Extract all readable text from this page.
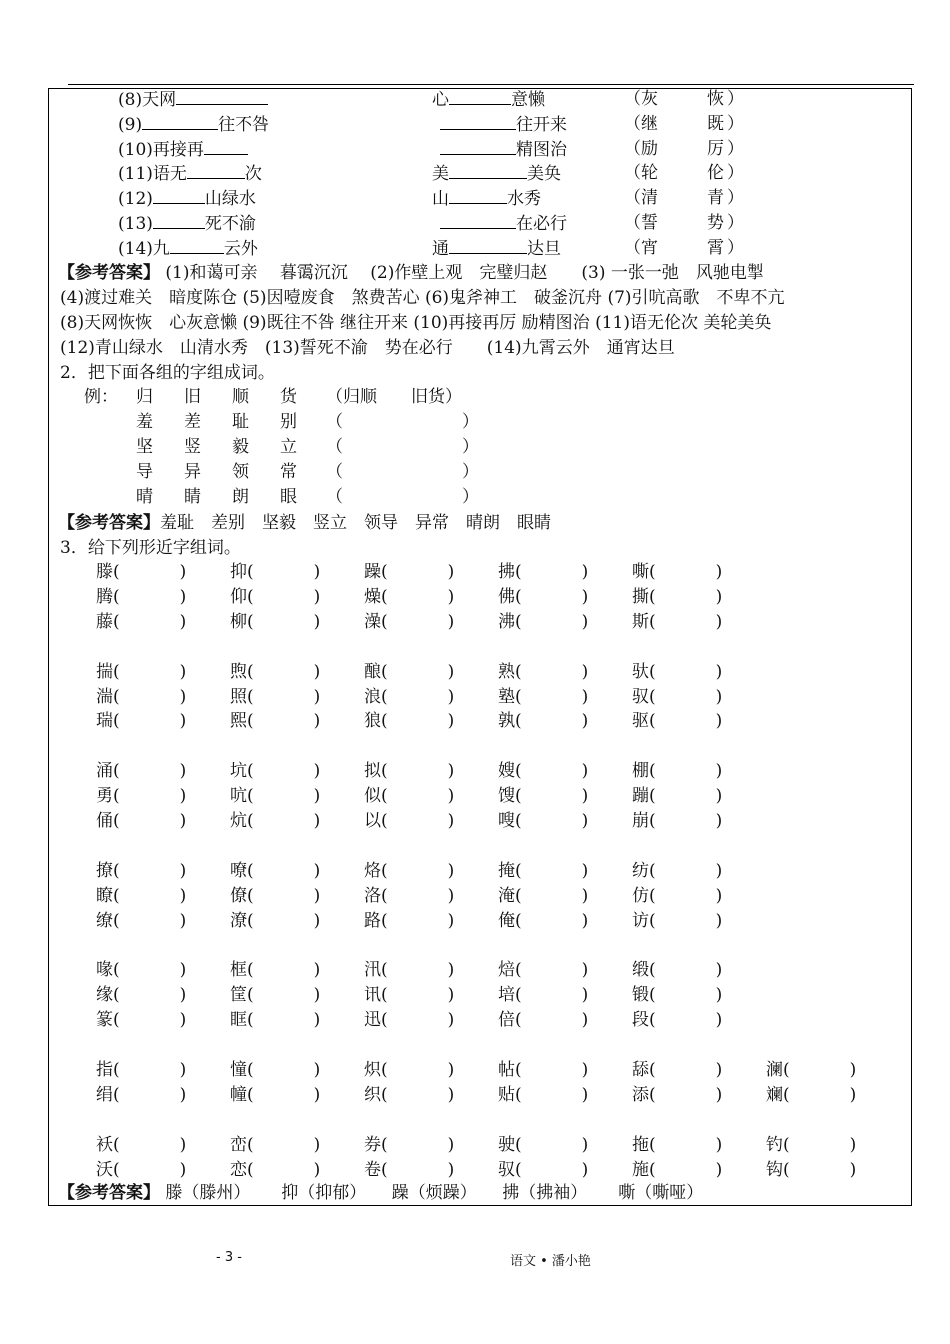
(8)天网	心	意懒	（灰	恢 ）
(9)	往不咎	往开来	（继	既 ）
(10)再接再	精图治	（励	厉 ）
(11)语无	次	美	美奂	（轮	伦 ）
(12)	山绿水	山	水秀	（清	青 ）
(13)	死不渝	在必行	（誓	势 ）
(14)九	云外	通	达旦	（宵	霄 ）
【参考答案】 (1)和蔼可亲　 暮霭沉沉　 (2)作壁上观　完璧归赵　　(3) 一张一弛　风驰电掣
(4)渡过难关　暗度陈仓 (5)因噎废食　煞费苦心 (6)鬼斧神工　破釜沉舟 (7)引吭高歌　不卑不亢
(8)天网恢恢　心灰意懒 (9)既往不咎 继往开来 (10)再接再厉 励精图治 (11)语无伦次 美轮美奂
(12)青山绿水　山清水秀　(13)誓死不渝　势在必行　　(14)九霄云外　通宵达旦
2．把下面各组的字组成词。
例： 归 旧 顺 货 （归顺　　旧货）
羞 差 耻 别 （　　　　　　　）
坚 竖 毅 立 （　　　　　　　）
导 异 领 常 （　　　　　　　）
晴 睛 朗 眼 （　　　　　　　）
【参考答案】羞耻　差别　坚毅　竖立　领导　异常　晴朗　眼睛
3．给下列形近字组词。
滕(	)	抑(	)	躁(	)	拂(	)	嘶(	)
腾(	)	仰(	)	燥(	)	佛(	)	撕(	)
藤(	)	柳(	)	澡(	)	沸(	)	斯(	)
揣(	)	煦(	)	酿(	)	熟(	)	驮(	)
湍(	)	照(	)	浪(	)	塾(	)	驭(	)
瑞(	)	熙(	)	狼(	)	孰(	)	驱(	)
涌(	)	坑(	)	拟(	)	嫂(	)	棚(	)
勇(	)	吭(	)	似(	)	馊(	)	蹦(	)
俑(	)	炕(	)	以(	)	嗖(	)	崩(	)
撩(	)	嘹(	)	烙(	)	掩(	)	纺(	)
瞭(	)	僚(	)	洛(	)	淹(	)	仿(	)
缭(	)	潦(	)	路(	)	俺(	)	访(	)
喙(	)	框(	)	汛(	)	焙(	)	缎(	)
缘(	)	筐(	)	讯(	)	培(	)	锻(	)
篆(	)	眶(	)	迅(	)	倍(	)	段(	)
指(	)	憧(	)	炽(	)	帖(	)	舔(	)	澜(	)
绢(	)	幢(	)	织(	)	贴(	)	添(	)	斓(	)
袄(	)	峦(	)	券(	)	驶(	)	拖(	)	钓(	)
沃(	)	恋(	)	卷(	)	驭(	)	施(	)	钩(	)
【参考答案】 滕（滕州）　　 抑（抑郁）　　躁（烦躁）　　拂（拂袖）　　 嘶（嘶哑）
- 3 -	语文 • 潘小艳
